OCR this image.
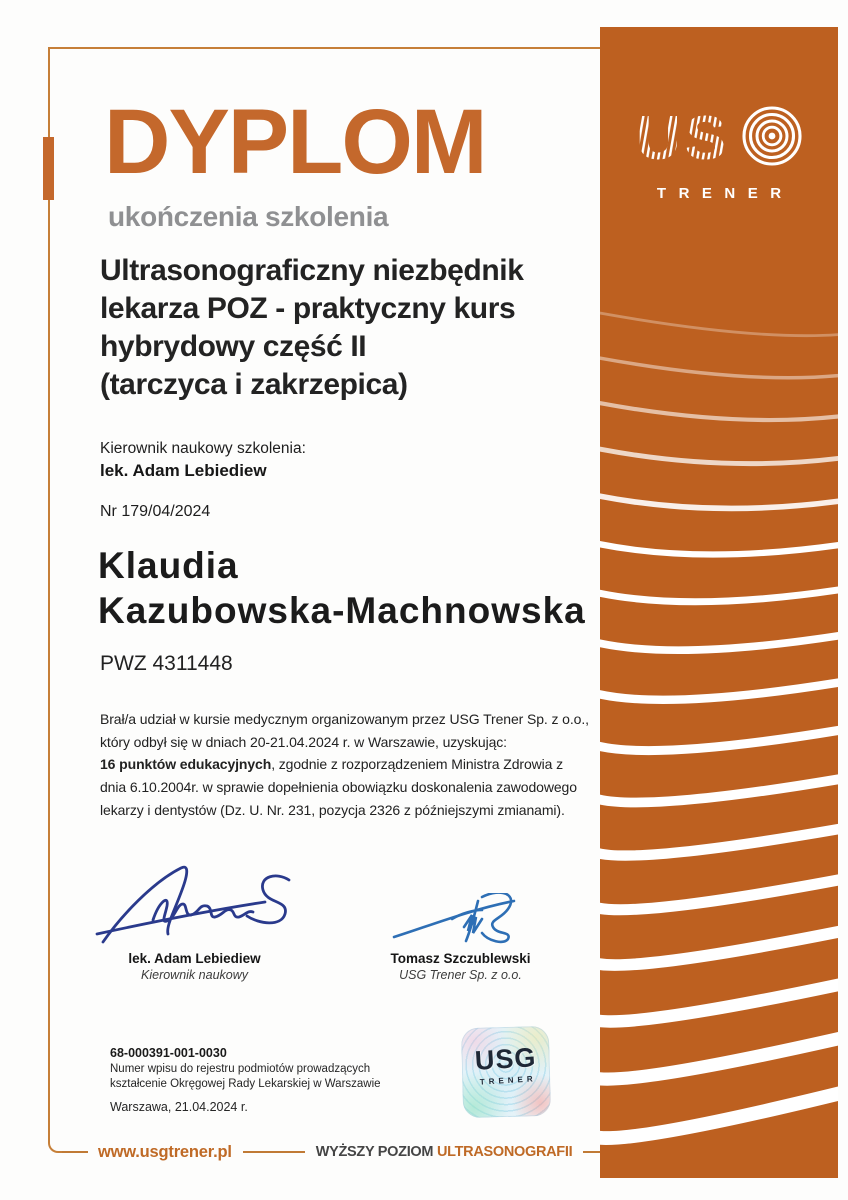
DYPLOM
ukończenia szkolenia
Ultrasonograficzny niezbędnik
lekarza POZ - praktyczny kurs
hybrydowy część II
(tarczyca i zakrzepica)
Kierownik naukowy szkolenia:
lek. Adam Lebiediew
Nr 179/04/2024
Klaudia
Kazubowska-Machnowska
PWZ 4311448

Brał/a udział w kursie medycznym organizowanym przez USG Trener Sp. z o.o.,
który odbył się w dniach 20-21.04.2024 r. w Warszawie, uzyskując:

16 punktów edukacyjnych, zgodnie z rozporządzeniem Ministra Zdrowia z
dnia 6.10.2004r. w sprawie dopełnienia obowiązku doskonalenia zawodowego
lekarzy i dentystów (Dz. U. Nr. 231, pozycja 2326 z późniejszymi zmianami).

lek. Adam Lebiediew
Kierownik naukowy
Tomasz Szczublewski
USG Trener Sp. z o.o.
68-000391-001-0030
Numer wpisu do rejestru podmiotów prowadzących
kształcenie Okręgowej Rady Lekarskiej w Warszawie
Warszawa, 21.04.2024 r.
USG
TRENER
US
TRENER
www.usgtrener.pl	WYŻSZY POZIOM ULTRASONOGRAFII
